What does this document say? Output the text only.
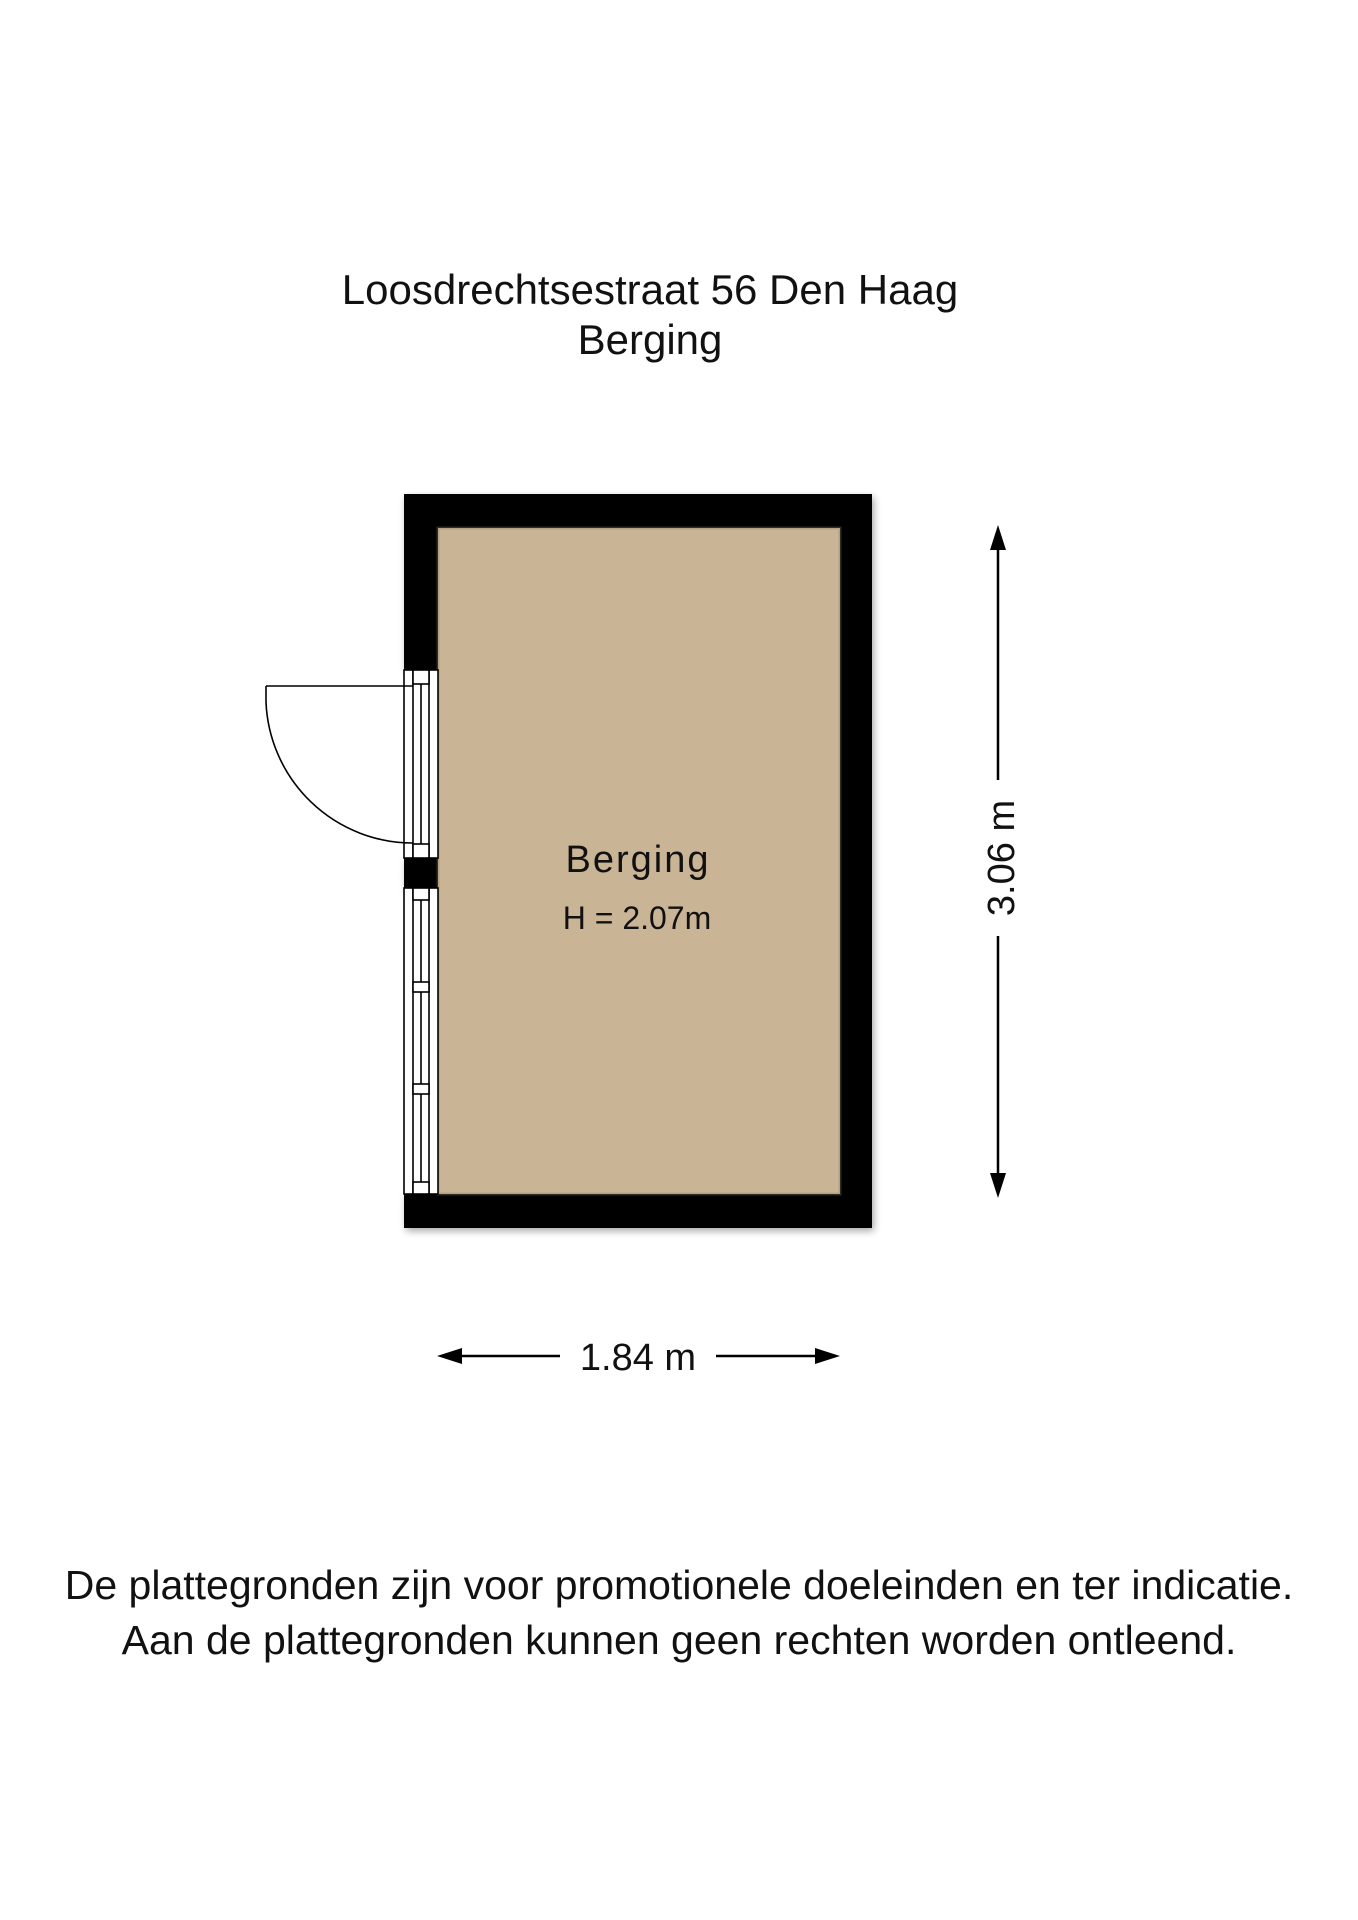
Loosdrechtsestraat 56 Den Haag
Berging
Berging
H = 2.07m
3.06 m
1.84 m
De plattegronden zijn voor promotionele doeleinden en ter indicatie.
Aan de plattegronden kunnen geen rechten worden ontleend.
